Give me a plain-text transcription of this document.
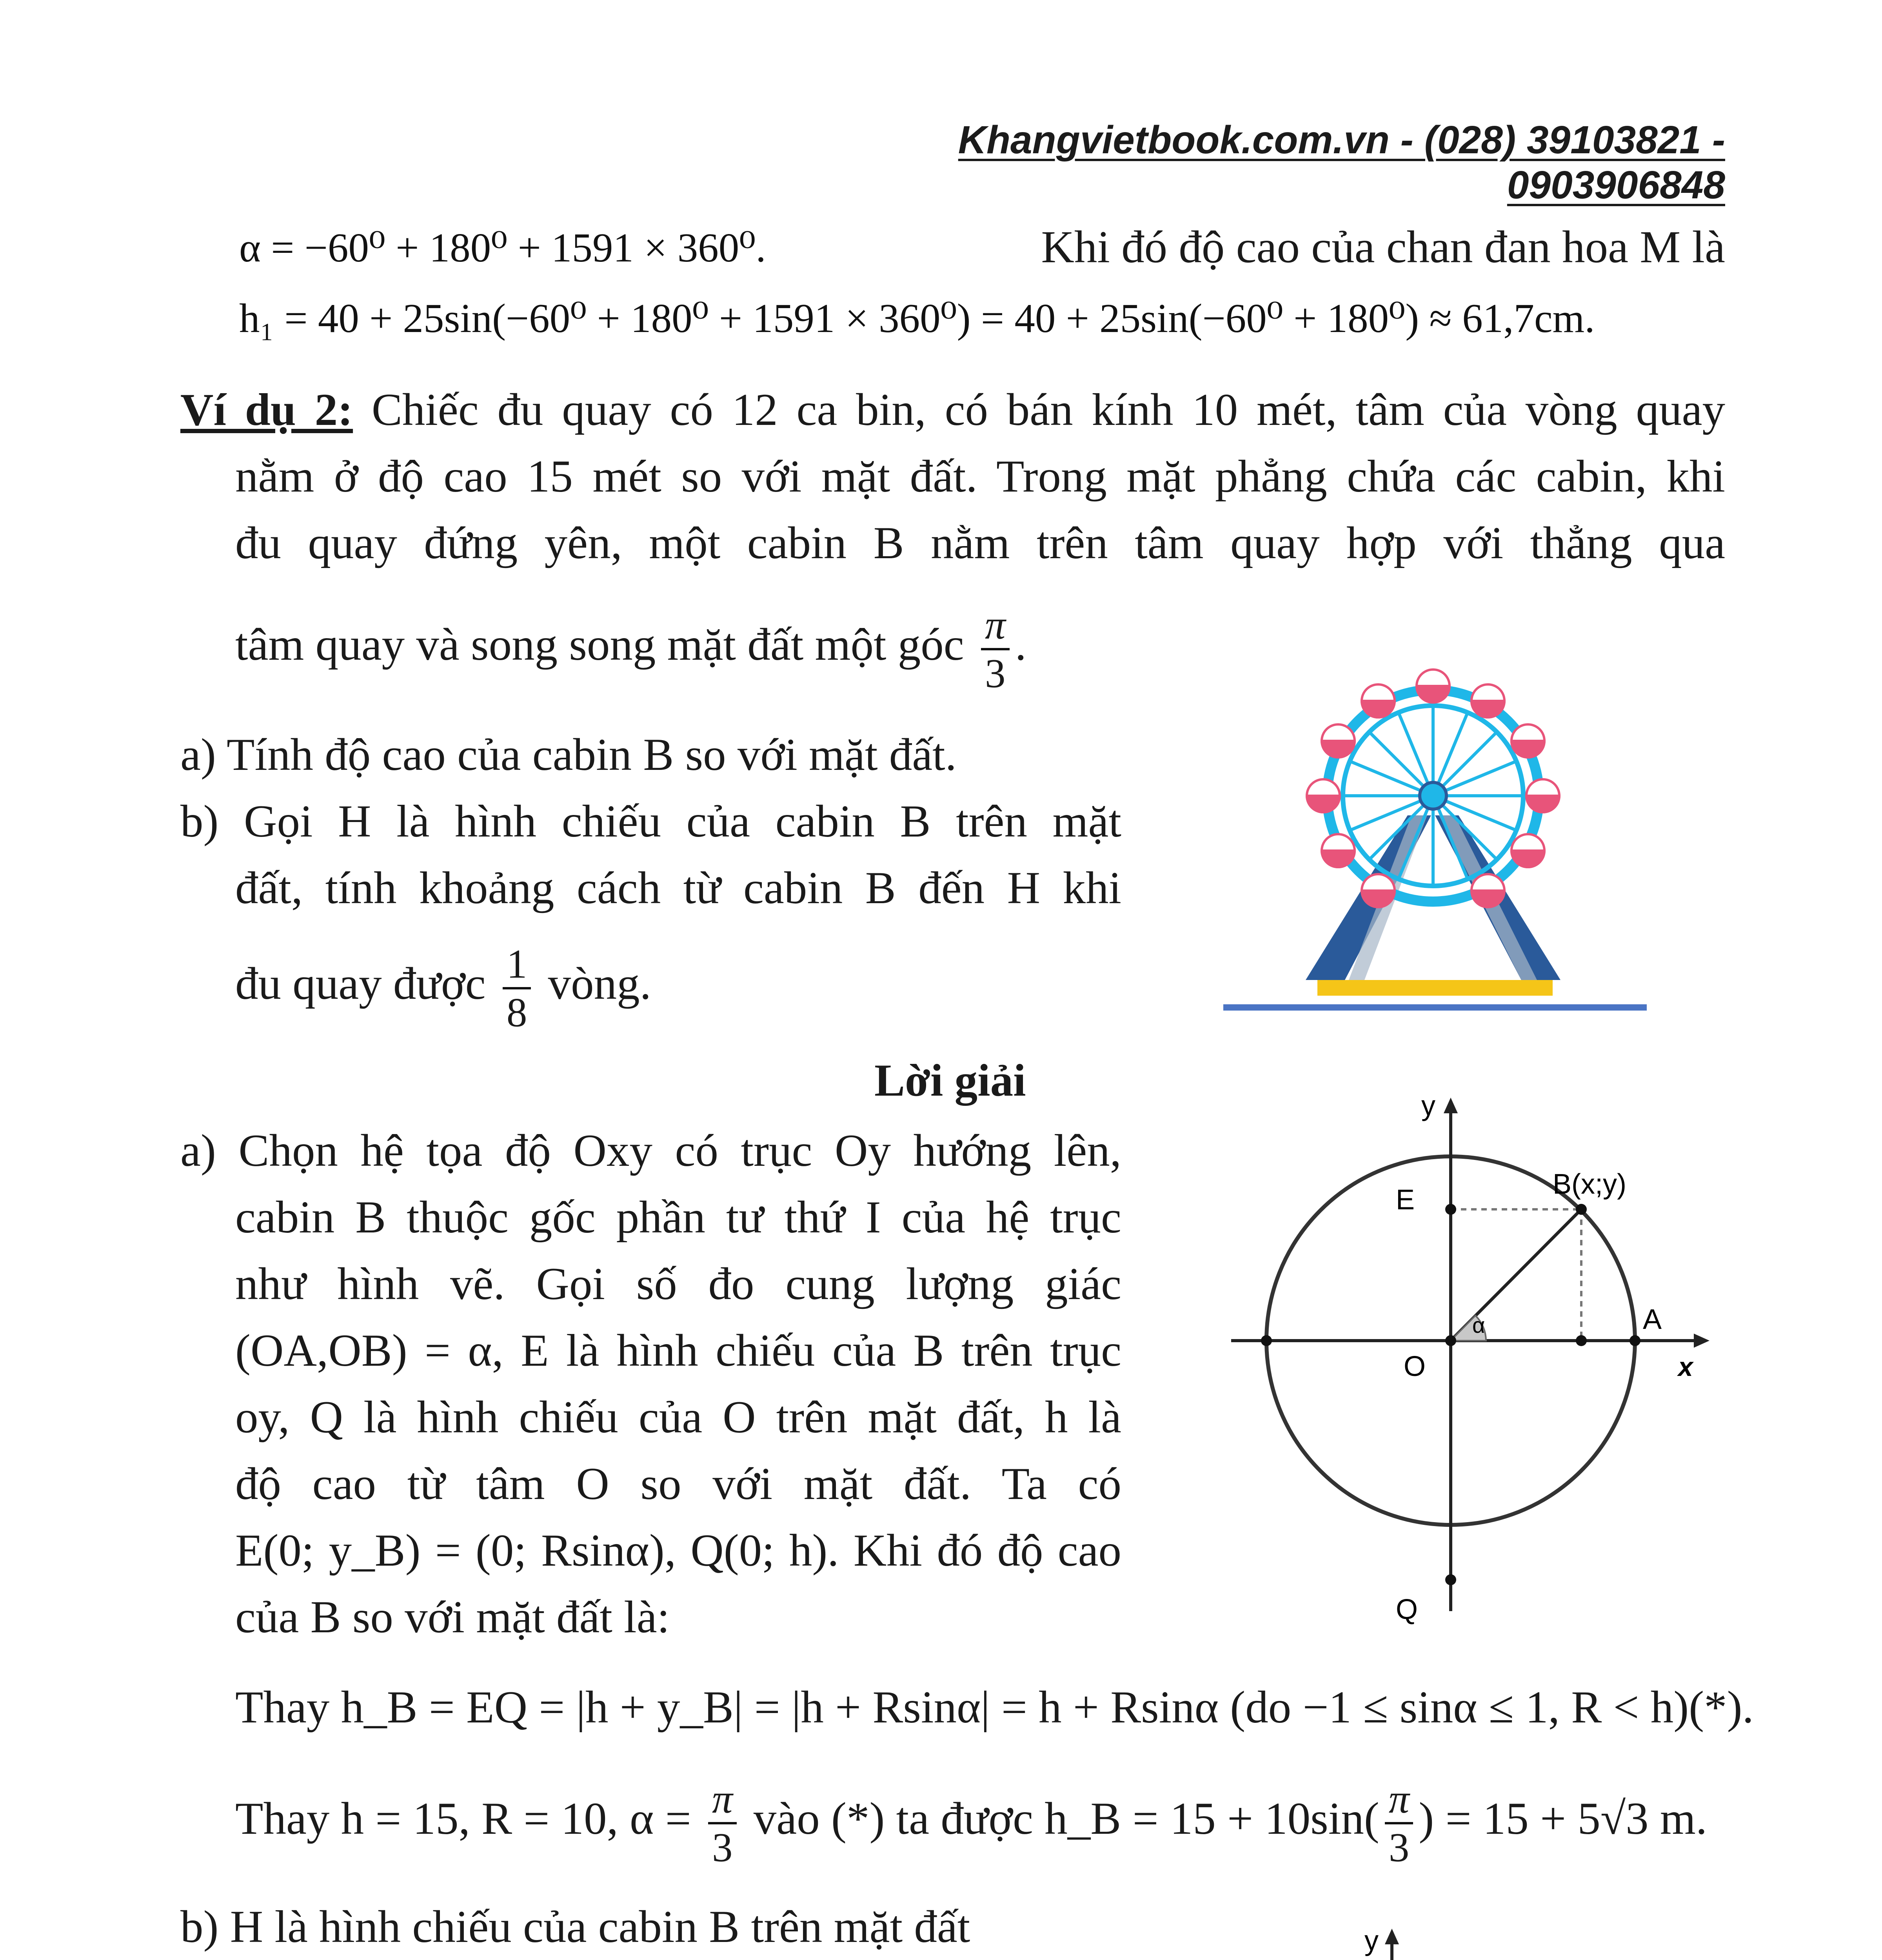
Khangvietbook.com.vn - (028) 39103821 - 0903906848
α = −60⁰ + 180⁰ + 1591 × 360⁰.	Khi đó độ cao của chan đan hoa M là
h₁ = 40 + 25sin(−60⁰ + 180⁰ + 1591 × 360⁰) = 40 + 25sin(−60⁰ + 180⁰) ≈ 61,7cm.
Ví dụ 2: Chiếc đu quay có 12 ca bin, có bán kính 10 mét, tâm của vòng quay
nằm ở độ cao 15 mét so với mặt đất. Trong mặt phẳng chứa các cabin, khi
đu quay đứng yên, một cabin B nằm trên tâm quay hợp với thẳng qua
tâm quay và song song mặt đất một góc $\frac{\pi}{3}$ .
a) Tính độ cao của cabin B so với mặt đất.
b) Gọi H là hình chiếu của cabin B trên mặt
đất, tính khoảng cách từ cabin B đến H khi
đu quay được $\frac{1}{8}$ vòng.
Lời giải
a) Chọn hệ tọa độ Oxy có trục Oy hướng lên,
cabin B thuộc gốc phần tư thứ I của hệ trục
như hình vẽ. Gọi số đo cung lượng giác
(OA,OB) = α, E là hình chiếu của B trên trục
oy, Q là hình chiếu của O trên mặt đất, h là
độ cao từ tâm O so với mặt đất. Ta có
E(0; y_B) = (0; Rsinα), Q(0; h). Khi đó độ cao
của B so với mặt đất là:
Thay h_B = EQ = |h + y_B| = |h + Rsinα| = h + Rsinα (do −1 ≤ sinα ≤ 1, R < h)(*).
Thay h = 15, R = 10, $\alpha = \frac{\pi}{3}$ vào (*) ta được h_B = $15 + 10\sin( \frac{\pi}{3}$ ) = 15 + 5√3 m.
y
E	B(x;y)
O
α	A
x
Q
b) H là hình chiếu của cabin B trên mặt đất	y
